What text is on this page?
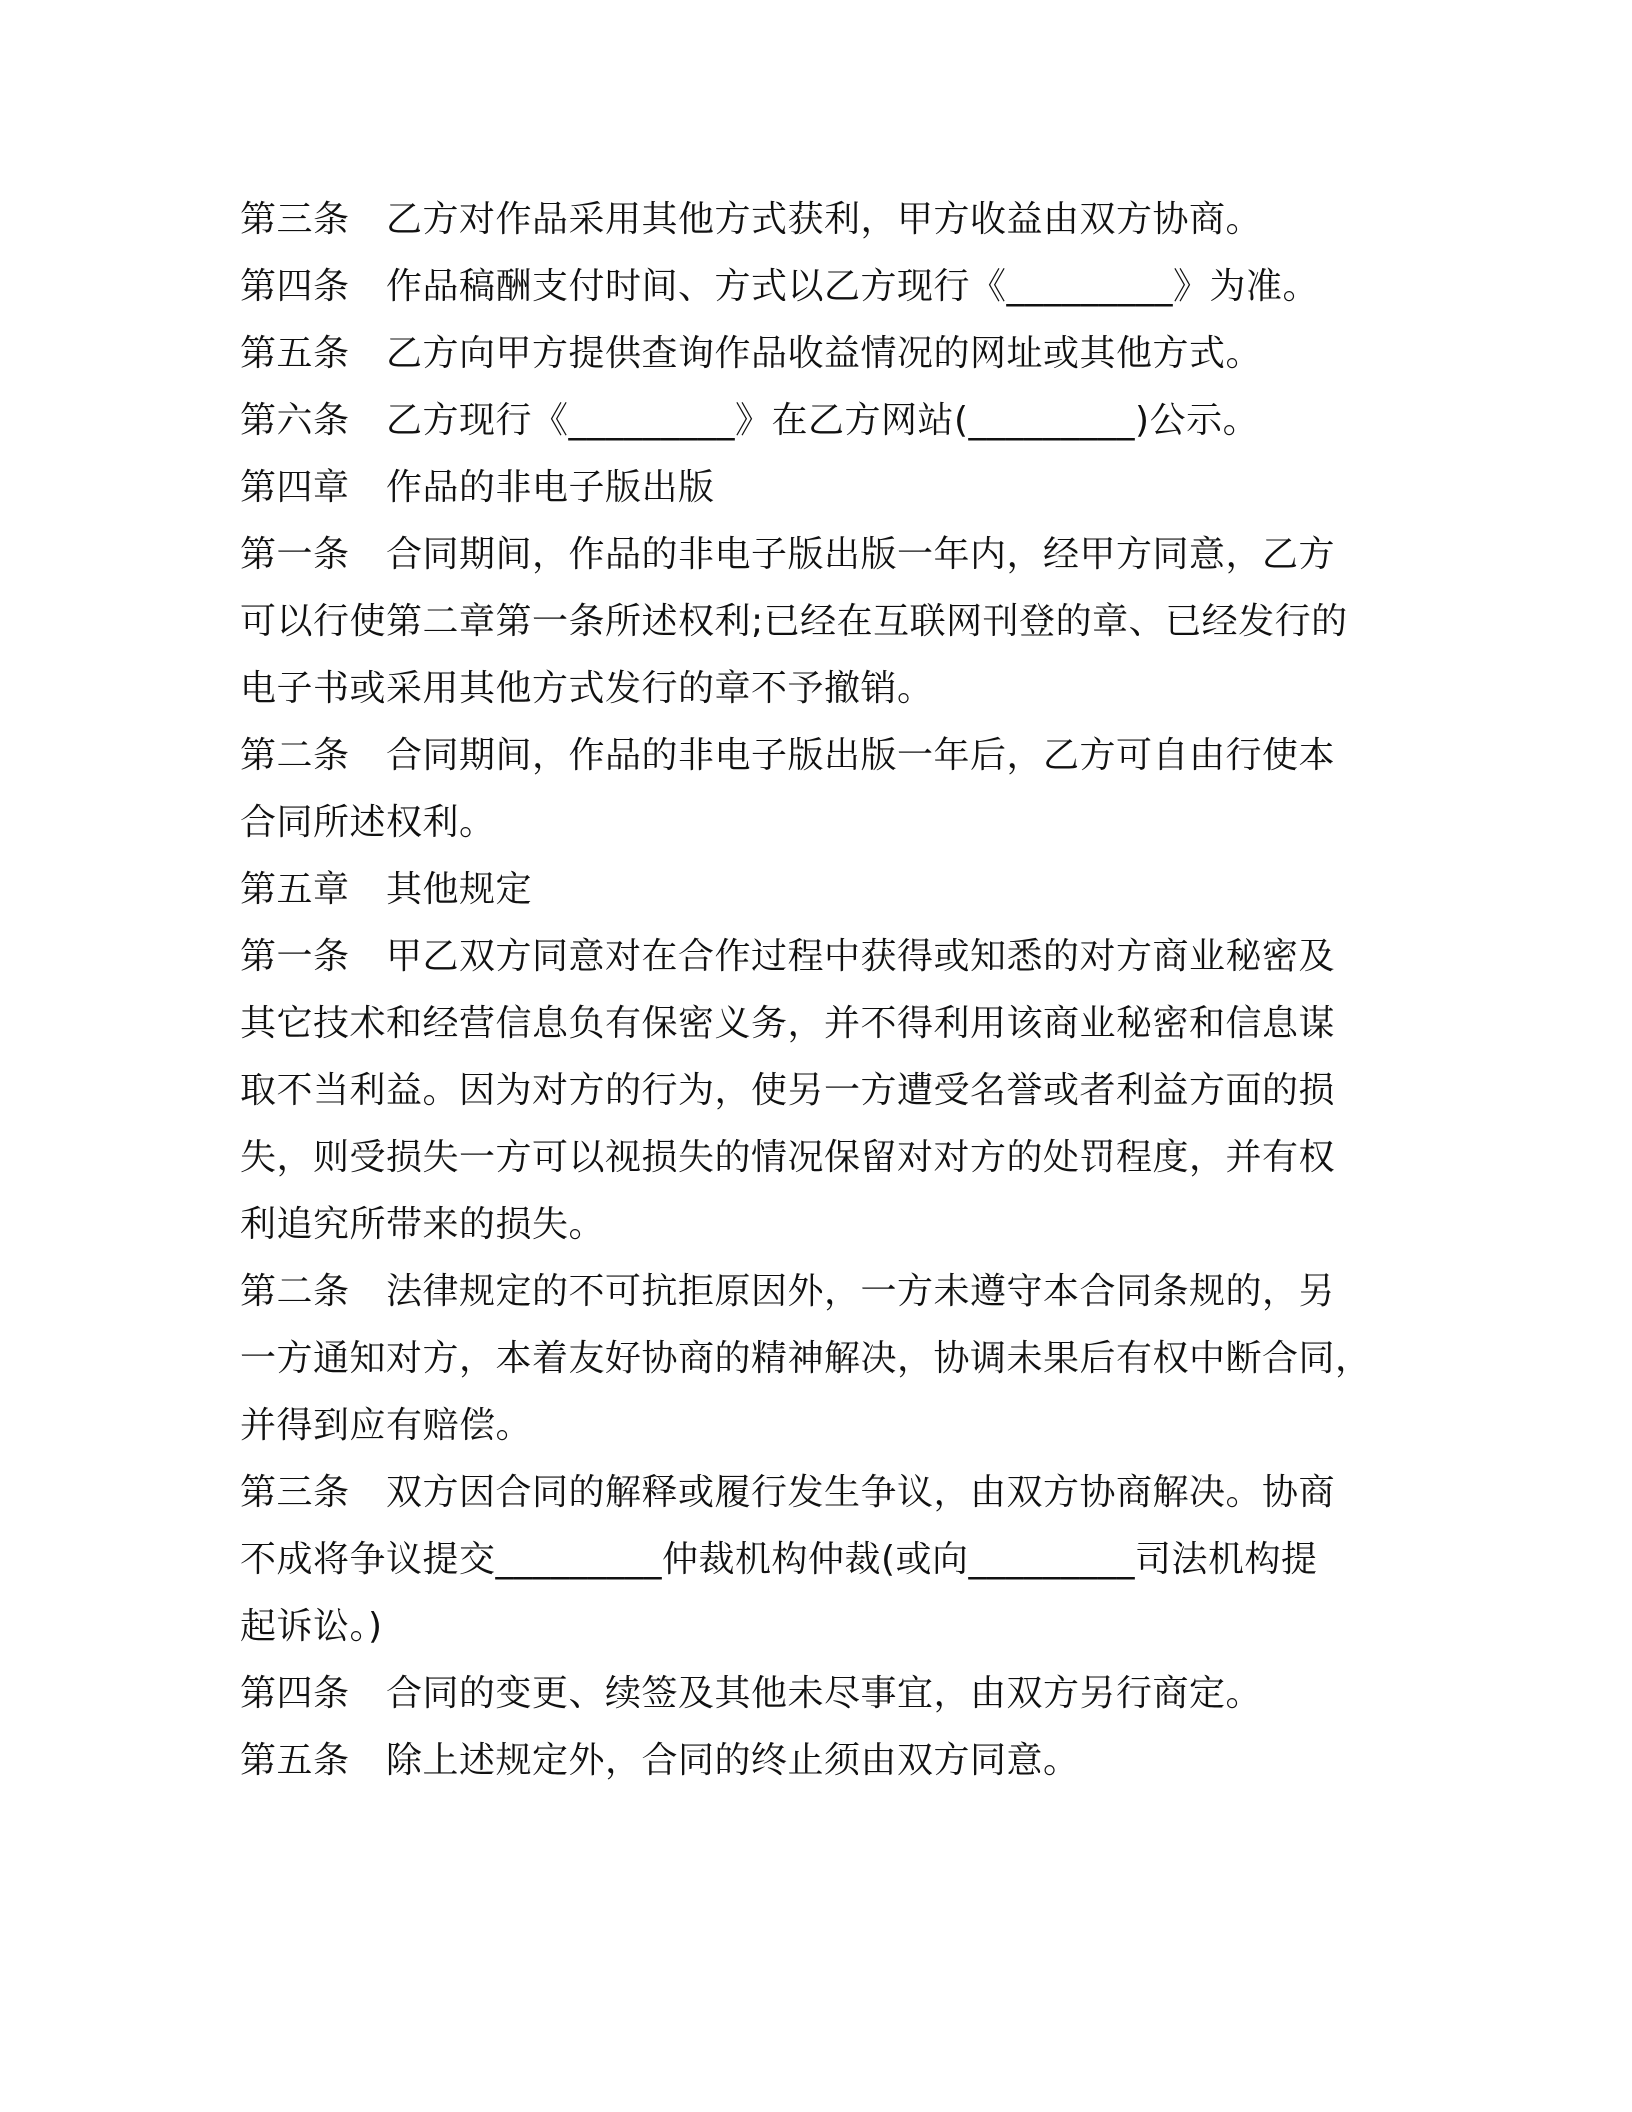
第三条　乙方对作品采用其他方式获利，甲方收益由双方协商。
第四条　作品稿酬支付时间、方式以乙方现行《_________》为准。
第五条　乙方向甲方提供查询作品收益情况的网址或其他方式。
第六条　乙方现行《_________》在乙方网站(_________)公示。
第四章　作品的非电子版出版
第一条　合同期间，作品的非电子版出版一年内，经甲方同意，乙方
可以行使第二章第一条所述权利;已经在互联网刊登的章、已经发行的
电子书或采用其他方式发行的章不予撤销。
第二条　合同期间，作品的非电子版出版一年后，乙方可自由行使本
合同所述权利。
第五章　其他规定
第一条　甲乙双方同意对在合作过程中获得或知悉的对方商业秘密及
其它技术和经营信息负有保密义务，并不得利用该商业秘密和信息谋
取不当利益。因为对方的行为，使另一方遭受名誉或者利益方面的损
失，则受损失一方可以视损失的情况保留对对方的处罚程度，并有权
利追究所带来的损失。
第二条　法律规定的不可抗拒原因外，一方未遵守本合同条规的，另
一方通知对方，本着友好协商的精神解决，协调未果后有权中断合同，
并得到应有赔偿。
第三条　双方因合同的解释或履行发生争议，由双方协商解决。协商
不成将争议提交_________仲裁机构仲裁(或向_________司法机构提
起诉讼。)
第四条　合同的变更、续签及其他未尽事宜，由双方另行商定。
第五条　除上述规定外，合同的终止须由双方同意。
